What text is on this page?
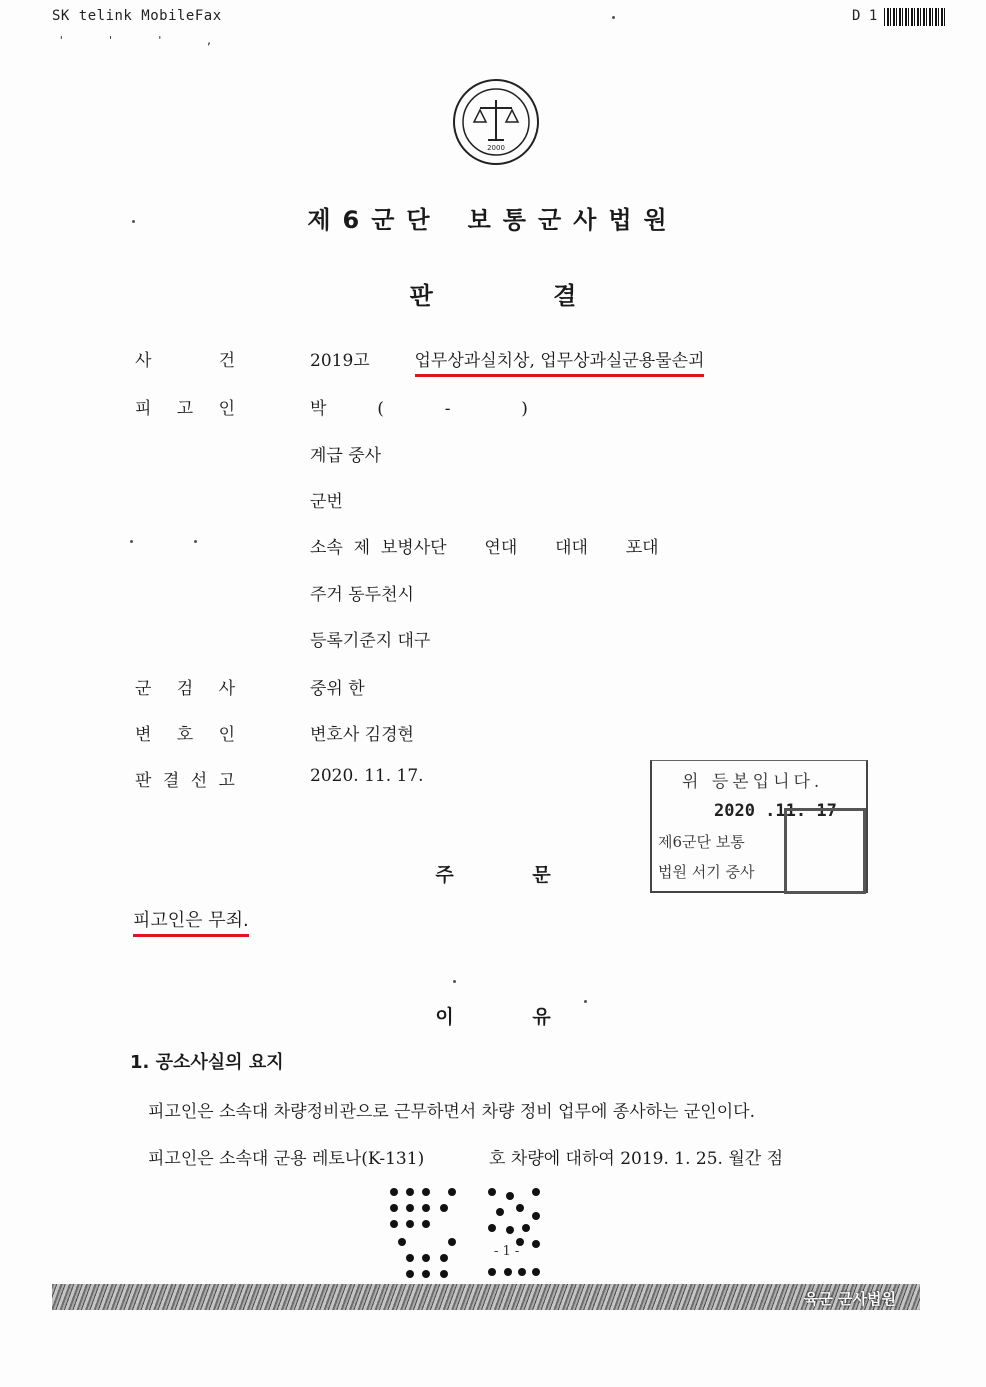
SK telink MobileFax
' ' ' ,
D 1
2000
제6군단 보통군사법원
판	결
사	건	2019고	업무상과실치상, 업무상과실군용물손괴
피 고 인	박	(	-	)
계급 중사
군번
소속  제  보병사단       연대       대대       포대
주거 동두천시
등록기준지 대구
군 검 사	중위 한
변 호 인	변호사 김경현
판 결 선 고	2020. 11. 17.	위 등본입니다.
2020 .11. 17
제6군단 보통
법원 서기 중사
주	문
피고인은 무죄.
이	유
1. 공소사실의 요지
피고인은 소속대 차량정비관으로 근무하면서 차량 정비 업무에 종사하는 군인이다.
피고인은 소속대 군용 레토나(K-131)            호 차량에 대하여 2019. 1. 25. 월간 점
- 1 -
육군 군사법원
